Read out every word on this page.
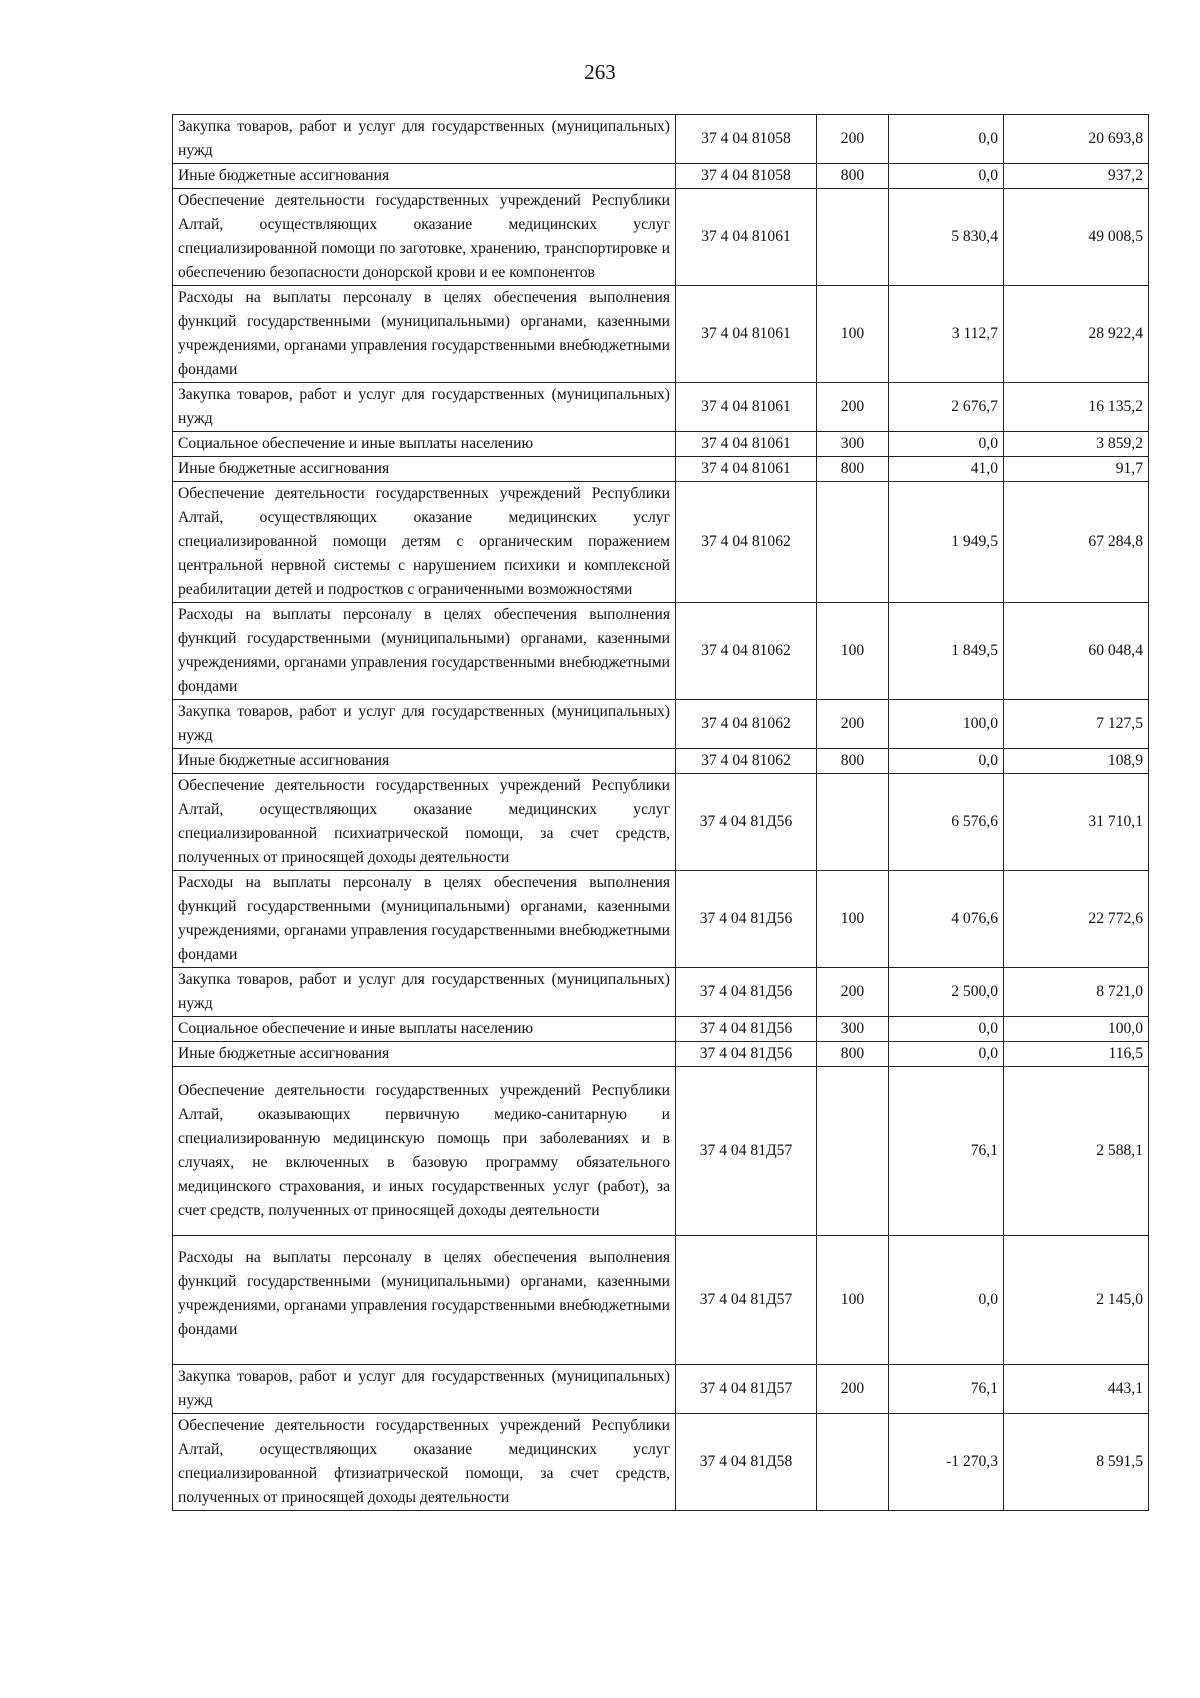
263
Закупка товаров, работ и услуг для государственных (муниципальных) нужд	37 4 04 81058	200	0,0	20 693,8
Иные бюджетные ассигнования	37 4 04 81058	800	0,0	937,2
Обеспечение деятельности государственных учреждений Республики Алтай, осуществляющих оказание медицинских услуг специализированной помощи по заготовке, хранению, транспортировке и обеспечению безопасности донорской крови и ее компонентов	37 4 04 81061		5 830,4	49 008,5
Расходы на выплаты персоналу в целях обеспечения выполнения функций государственными (муниципальными) органами, казенными учреждениями, органами управления государственными внебюджетными фондами	37 4 04 81061	100	3 112,7	28 922,4
Закупка товаров, работ и услуг для государственных (муниципальных) нужд	37 4 04 81061	200	2 676,7	16 135,2
Социальное обеспечение и иные выплаты населению	37 4 04 81061	300	0,0	3 859,2
Иные бюджетные ассигнования	37 4 04 81061	800	41,0	91,7
Обеспечение деятельности государственных учреждений Республики Алтай, осуществляющих оказание медицинских услуг специализированной помощи детям с органическим поражением центральной нервной системы с нарушением психики и комплексной реабилитации детей и подростков с ограниченными возможностями	37 4 04 81062		1 949,5	67 284,8
Расходы на выплаты персоналу в целях обеспечения выполнения функций государственными (муниципальными) органами, казенными учреждениями, органами управления государственными внебюджетными фондами	37 4 04 81062	100	1 849,5	60 048,4
Закупка товаров, работ и услуг для государственных (муниципальных) нужд	37 4 04 81062	200	100,0	7 127,5
Иные бюджетные ассигнования	37 4 04 81062	800	0,0	108,9
Обеспечение деятельности государственных учреждений Республики Алтай, осуществляющих оказание медицинских услуг специализированной психиатрической помощи, за счет средств, полученных от приносящей доходы деятельности	37 4 04 81Д56		6 576,6	31 710,1
Расходы на выплаты персоналу в целях обеспечения выполнения функций государственными (муниципальными) органами, казенными учреждениями, органами управления государственными внебюджетными фондами	37 4 04 81Д56	100	4 076,6	22 772,6
Закупка товаров, работ и услуг для государственных (муниципальных) нужд	37 4 04 81Д56	200	2 500,0	8 721,0
Социальное обеспечение и иные выплаты населению	37 4 04 81Д56	300	0,0	100,0
Иные бюджетные ассигнования	37 4 04 81Д56	800	0,0	116,5
Обеспечение деятельности государственных учреждений Республики Алтай, оказывающих первичную медико-санитарную и специализированную медицинскую помощь при заболеваниях и в случаях, не включенных в базовую программу обязательного медицинского страхования, и иных государственных услуг (работ), за счет средств, полученных от приносящей доходы деятельности	37 4 04 81Д57		76,1	2 588,1
Расходы на выплаты персоналу в целях обеспечения выполнения функций государственными (муниципальными) органами, казенными учреждениями, органами управления государственными внебюджетными фондами	37 4 04 81Д57	100	0,0	2 145,0
Закупка товаров, работ и услуг для государственных (муниципальных) нужд	37 4 04 81Д57	200	76,1	443,1
Обеспечение деятельности государственных учреждений Республики Алтай, осуществляющих оказание медицинских услуг специализированной фтизиатрической помощи, за счет средств, полученных от приносящей доходы деятельности	37 4 04 81Д58		-1 270,3	8 591,5
